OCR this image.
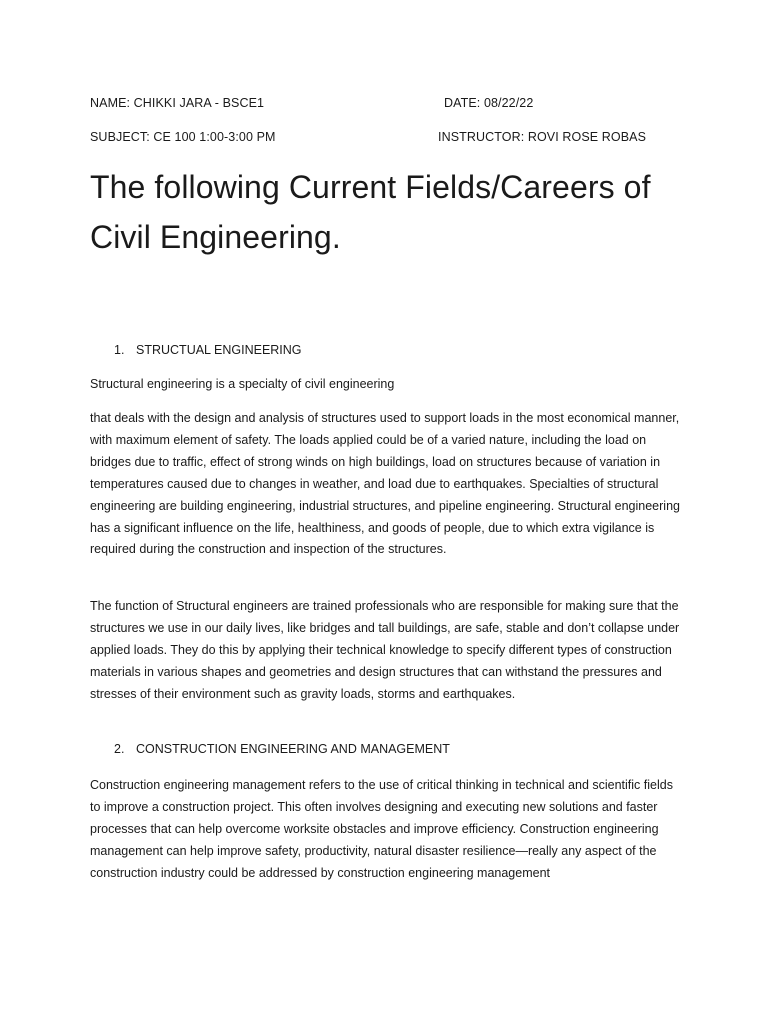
NAME: CHIKKI JARA - BSCE1	DATE: 08/22/22
SUBJECT: CE 100 1:00-3:00 PM	INSTRUCTOR: ROVI ROSE ROBAS
The following Current Fields/Careers of Civil Engineering.
1. STRUCTUAL ENGINEERING

Structural engineering is a specialty of civil engineering

that deals with the design and analysis of structures used to support loads in the most economical manner, with maximum element of safety. The loads applied could be of a varied nature, including the load on bridges due to traffic, effect of strong winds on high buildings, load on structures because of variation in temperatures caused due to changes in weather, and load due to earthquakes. Specialties of structural engineering are building engineering, industrial structures, and pipeline engineering. Structural engineering has a significant influence on the life, healthiness, and goods of people, due to which extra vigilance is required during the construction and inspection of the structures.

The function of Structural engineers are trained professionals who are responsible for making sure that the structures we use in our daily lives, like bridges and tall buildings, are safe, stable and don’t collapse under applied loads. They do this by applying their technical knowledge to specify different types of construction materials in various shapes and geometries and design structures that can withstand the pressures and stresses of their environment such as gravity loads, storms and earthquakes.

2. CONSTRUCTION ENGINEERING AND MANAGEMENT

Construction engineering management refers to the use of critical thinking in technical and scientific fields to improve a construction project. This often involves designing and executing new solutions and faster processes that can help overcome worksite obstacles and improve efficiency. Construction engineering management can help improve safety, productivity, natural disaster resilience—really any aspect of the construction industry could be addressed by construction engineering management
